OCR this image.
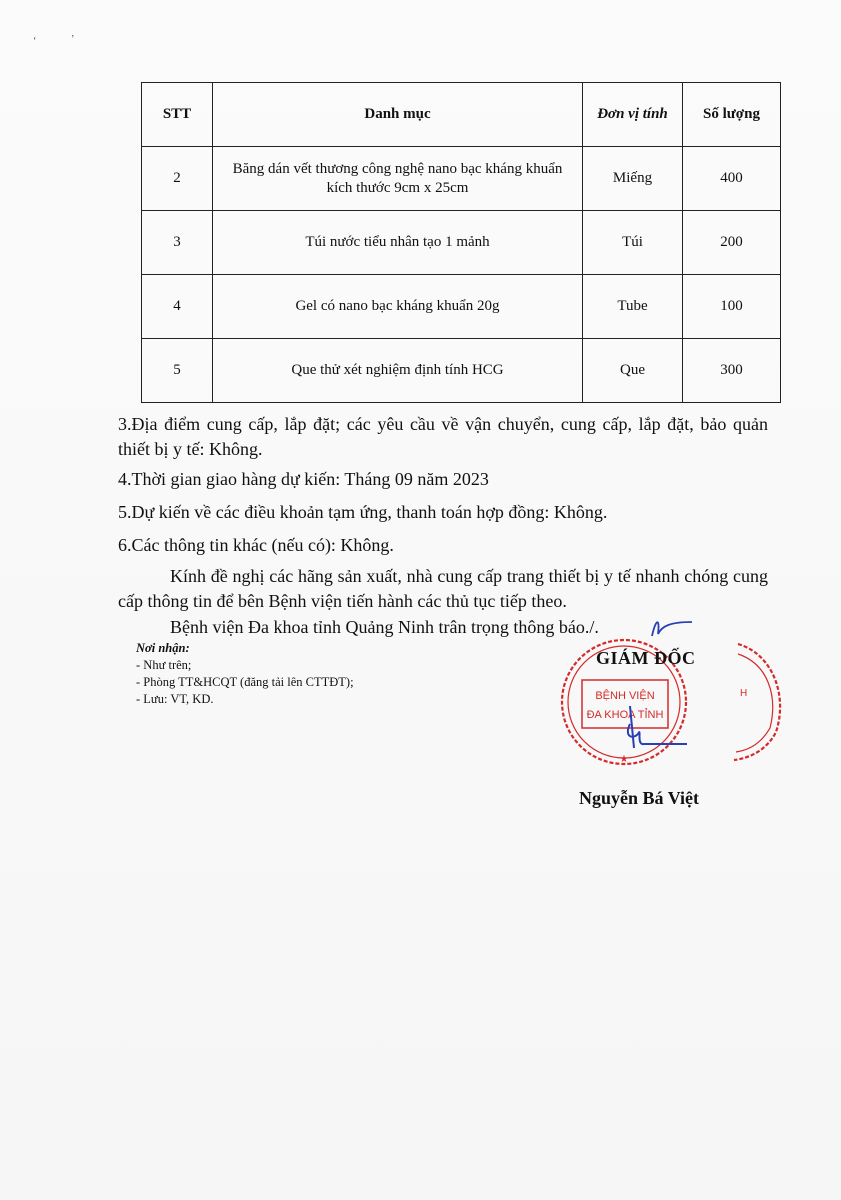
‘	’
STT	Danh mục	Đơn vị tính	Số lượng
2	Băng dán vết thương công nghệ nano bạc kháng khuẩn kích thước 9cm x 25cm	Miếng	400
3	Túi nước tiểu nhân tạo 1 mảnh	Túi	200
4	Gel có nano bạc kháng khuẩn 20g	Tube	100
5	Que thử xét nghiệm định tính HCG	Que	300
3.Địa điểm cung cấp, lắp đặt; các yêu cầu về vận chuyển, cung cấp, lắp đặt, bảo quản thiết bị y tế: Không.
4.Thời gian giao hàng dự kiến: Tháng 09 năm 2023
5.Dự kiến về các điều khoản tạm ứng, thanh toán hợp đồng: Không.
6.Các thông tin khác (nếu có): Không.
Kính đề nghị các hãng sản xuất, nhà cung cấp trang thiết bị y tế nhanh chóng cung cấp thông tin để bên Bệnh viện tiến hành các thủ tục tiếp theo.
Bệnh viện Đa khoa tỉnh Quảng Ninh trân trọng thông báo./.
Nơi nhận:
- Như trên;
- Phòng TT&HCQT (đăng tải lên CTTĐT);
- Lưu: VT, KD.	BỆNH VIỆN
ĐA KHOA TỈNH
★
H
GIÁM ĐỐC
Nguyễn Bá Việt
